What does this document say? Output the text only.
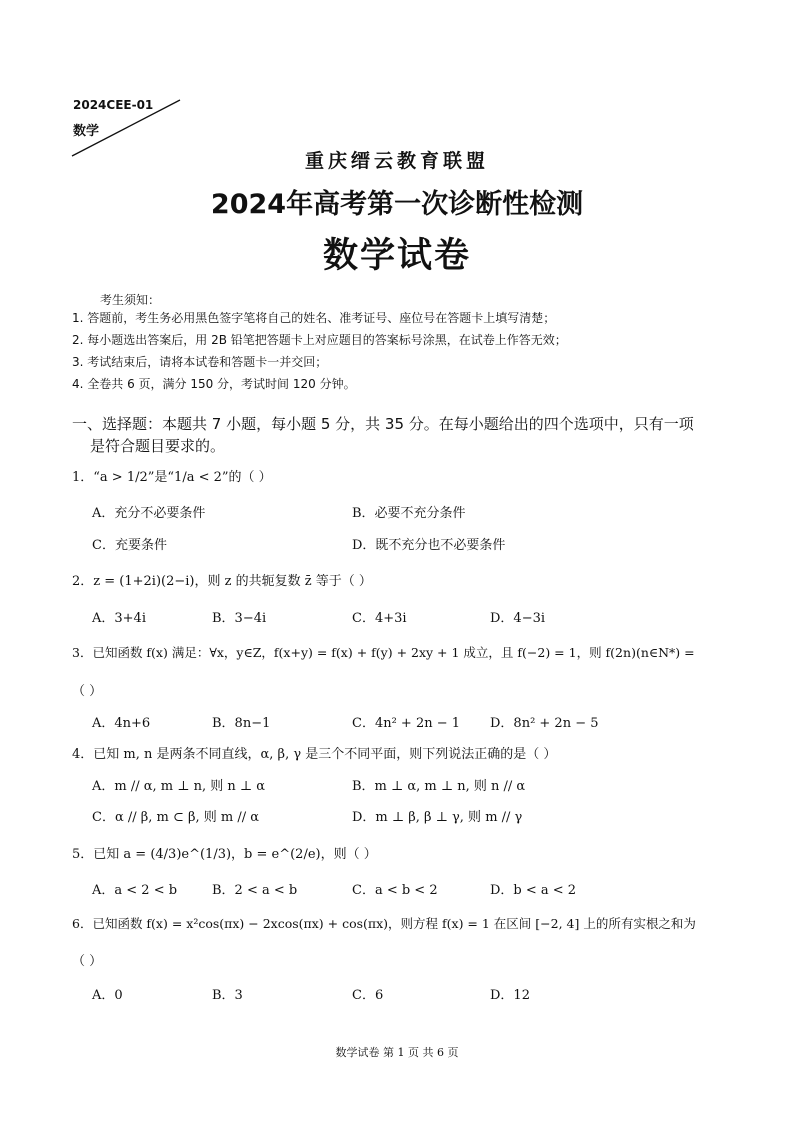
2024CEE-01
数学
重庆缙云教育联盟
2024年高考第一次诊断性检测
数学试卷
考生须知：
1. 答题前，考生务必用黑色签字笔将自己的姓名、准考证号、座位号在答题卡上填写清楚；
2. 每小题选出答案后，用 2B 铅笔把答题卡上对应题目的答案标号涂黑，在试卷上作答无效；
3. 考试结束后，请将本试卷和答题卡一并交回；
4. 全卷共 6 页，满分 150 分，考试时间 120 分钟。
一、选择题：本题共 7 小题，每小题 5 分，共 35 分。在每小题给出的四个选项中，只有一项
是符合题目要求的。
1．“a > 1/2”是“1/a < 2”的（ ）
A．充分不必要条件	B．必要不充分条件
C．充要条件	D．既不充分也不必要条件
2．z = (1+2i)(2−i)，则 z 的共轭复数 z̄ 等于（ ）
A．3+4i	B．3−4i	C．4+3i	D．4−3i
3．已知函数 f(x) 满足：∀x，y∈Z，f(x+y) = f(x) + f(y) + 2xy + 1 成立，且 f(−2) = 1，则 f(2n)(n∈N*) =
（ ）
A．4n+6	B．8n−1	C．4n² + 2n − 1 D．8n² + 2n − 5
4．已知 m, n 是两条不同直线，α, β, γ 是三个不同平面，则下列说法正确的是（ ）
A．m // α, m ⊥ n, 则 n ⊥ α	B．m ⊥ α, m ⊥ n, 则 n // α
C．α // β, m ⊂ β, 则 m // α	D．m ⊥ β, β ⊥ γ, 则 m // γ
5．已知 a = (4/3)e^(1/3)，b = e^(2/e)，则（ ）
A．a < 2 < b	B．2 < a < b	C．a < b < 2	D．b < a < 2
6．已知函数 f(x) = x²cos(πx) − 2xcos(πx) + cos(πx)，则方程 f(x) = 1 在区间 [−2, 4] 上的所有实根之和为
（ ）
A．0	B．3	C．6	D．12
数学试卷 第 1 页 共 6 页
